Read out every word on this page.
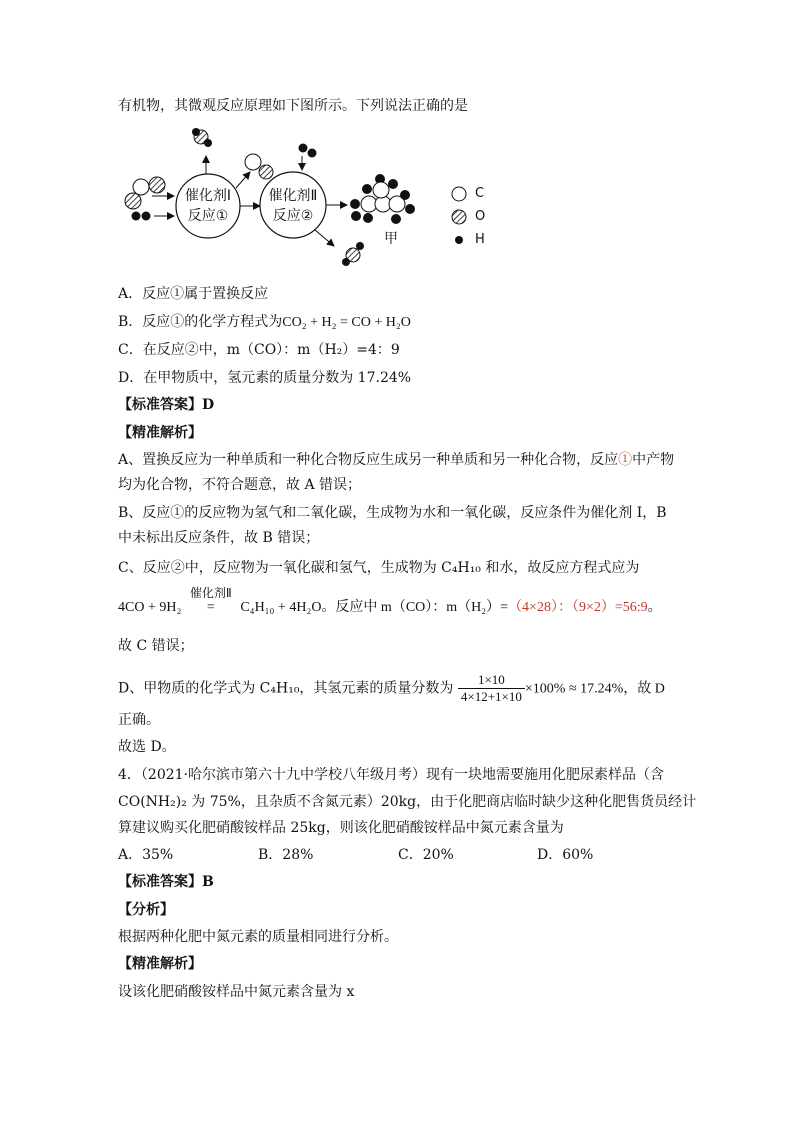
有机物，其微观反应原理如下图所示。下列说法正确的是
催化剂Ⅰ
反应①
催化剂Ⅱ
反应②
甲
C
O
H
A．反应①属于置换反应
B．反应①的化学方程式为CO₂ + H₂ = CO + H₂O
C．在反应②中，m（CO）：m（H₂）=4：9
D．在甲物质中，氢元素的质量分数为 17.24%
【标准答案】D
【精准解析】
A、置换反应为一种单质和一种化合物反应生成另一种单质和另一种化合物，反应①中产物
均为化合物，不符合题意，故 A 错误；
B、反应①的反应物为氢气和二氧化碳，生成物为水和一氧化碳，反应条件为催化剂 I，B
中未标出反应条件，故 B 错误；
C、反应②中，反应物为一氧化碳和氢气，生成物为 C₄H₁₀ 和水，故反应方程式应为
4CO + 9H₂
催化剂Ⅱ
= C₄H₁₀ + 4H₂O。反应中 m（CO）：m（H₂）=（4×28）：（9×2）=56:9。
故 C 错误；
D、甲物质的化学式为 C₄H₁₀，其氢元素的质量分数为 $\frac{1\times 10}{4\times 12+1\times 10} \times 100\% \approx 17.24\%$，故 D
正确。
故选 D。
4．（2021·哈尔滨市第六十九中学校八年级月考）现有一块地需要施用化肥尿素样品（含
CO(NH₂)₂ 为 75%，且杂质不含氮元素）20kg，由于化肥商店临时缺少这种化肥售货员经计
算建议购买化肥硝酸铵样品 25kg，则该化肥硝酸铵样品中氮元素含量为
A．35%	B．28%	C．20%	D．60%
【标准答案】B
【分析】
根据两种化肥中氮元素的质量相同进行分析。
【精准解析】
设该化肥硝酸铵样品中氮元素含量为 x
